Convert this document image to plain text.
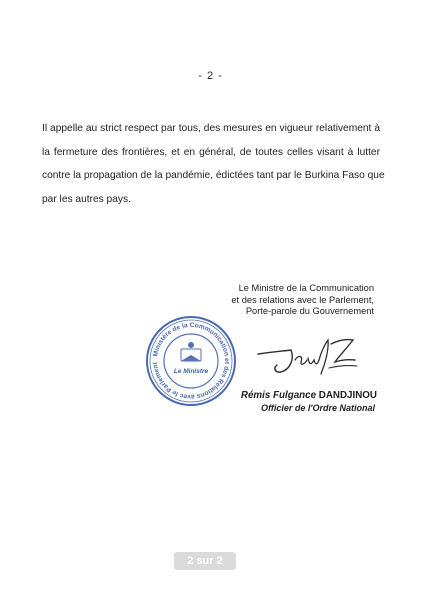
- 2 -
Il appelle au strict respect par tous, des mesures en vigueur relativement à
la fermeture des frontières, et en général, de toutes celles visant à lutter
contre la propagation de la pandémie, édictées tant par le Burkina Faso que
par les autres pays.
Le Ministre de la Communication
et des relations avec le Parlement,
Porte-parole du Gouvernement
Ministère de la Communication et des Relations avec le Parlement
Le Ministre
Rémis Fulgance DANDJINOU
Officier de l'Ordre National
2 sur 2
